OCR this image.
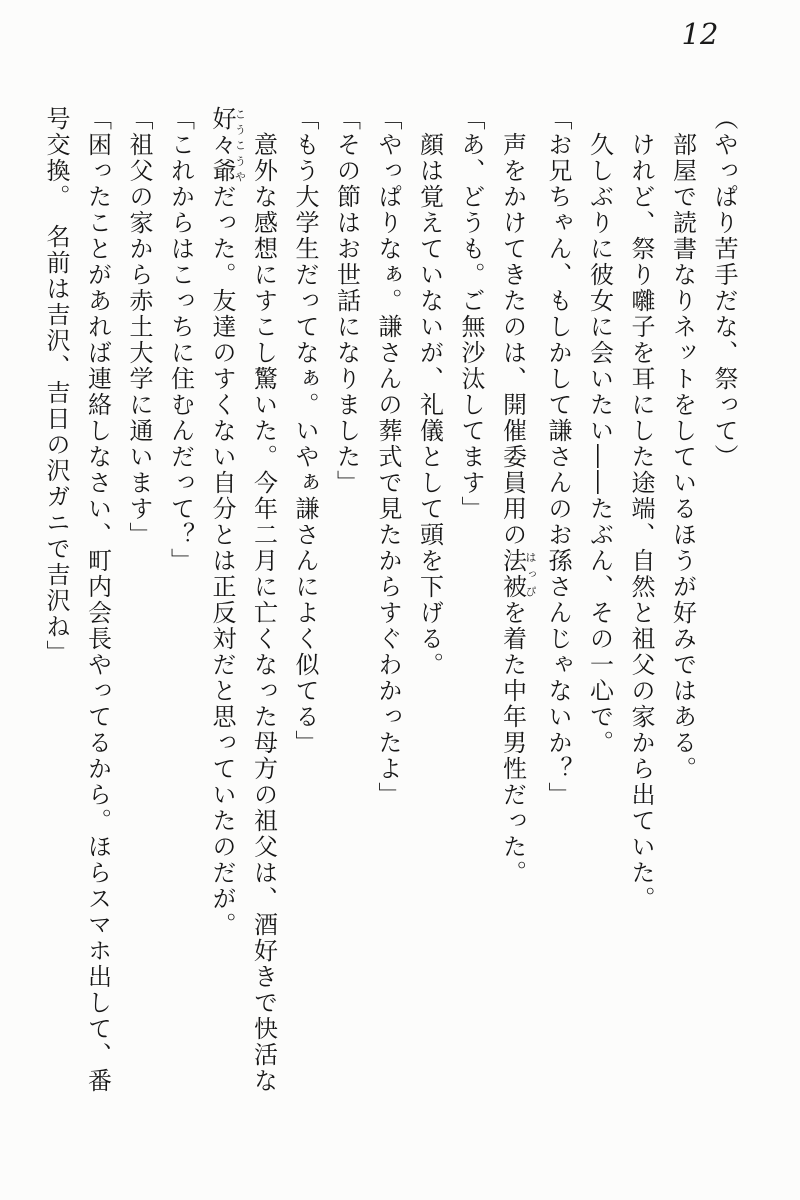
12

（やっぱり苦手だな、祭って）

部屋で読書なりネットをしているほうが好みではある。

けれど、祭り囃子を耳にした途端、自然と祖父の家から出ていた。

久しぶりに彼女に会いたい――たぶん、その一心で。

「お兄ちゃん、もしかして謙さんのお孫さんじゃないか？」

声をかけてきたのは、開催委員用の法被はっぴを着た中年男性だった。

「あ、どうも。ご無沙汰してます」

顔は覚えていないが、礼儀として頭を下げる。

「やっぱりなぁ。謙さんの葬式で見たからすぐわかったよ」

「その節はお世話になりました」

「もう大学生だってなぁ。いやぁ謙さんによく似てる」

意外な感想にすこし驚いた。今年二月に亡くなった母方の祖父は、酒好きで快活な好々爺こうこうやだった。友達のすくない自分とは正反対だと思っていたのだが。

「これからはこっちに住むんだって？」

「祖父の家から赤土大学に通います」

「困ったことがあれば連絡しなさい、町内会長やってるから。ほらスマホ出して、番号交換。　名前は吉沢、吉日の沢ガニで吉沢ね」
